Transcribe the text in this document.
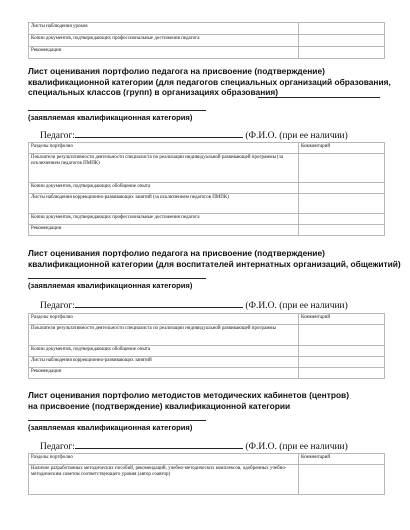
Листы наблюдения уроков	
Копии документов, подтверждающих профессиональные достижения педагога	
Рекомендации	
Лист оценивания портфолио педагога на присвоение (подтверждение)
квалификационной категории (для педагогов специальных организаций образования,
специальных классов (групп) в организациях образования)
(заявляемая квалификационная категория)
Педагог:	(Ф.И.О. (при ее наличии)
Разделы портфолио	Комментарий
Показатели результативности деятельности специалиста по реализации индивидуальной развивающей программы (за исключением педагогов ПМПК)	
Копии документов, подтверждающих обобщение опыта	
Листы наблюдения коррекционно-развивающих занятий (за исключением педагогов ПМПК)	
Копии документов, подтверждающих профессиональные достижения педагога	
Рекомендации	
Лист оценивания портфолио педагога на присвоение (подтверждение)
квалификационной категории (для воспитателей интернатных организаций, общежитий)
(заявляемая квалификационная категория)
Педагог:	(Ф.И.О. (при ее наличии)
Разделы портфолио	Комментарий
Показатели результативности деятельности специалиста по реализации индивидуальной развивающей программы	
Копии документов, подтверждающих обобщение опыта	
Листы наблюдения коррекционно-развивающих занятий	
Рекомендации	
Лист оценивания портфолио методистов методических кабинетов (центров)
на присвоение (подтверждение) квалификационной категории
(заявляемая квалификационная категория)
Педагог:	(Ф.И.О. (при ее наличии)
Разделы портфолио	Комментарий
Наличие разработанных методических пособий, рекомендаций, учебно-методических комплексов, одобренных учебно-методическим советом соответствующего уровня (автор соавтор)	
